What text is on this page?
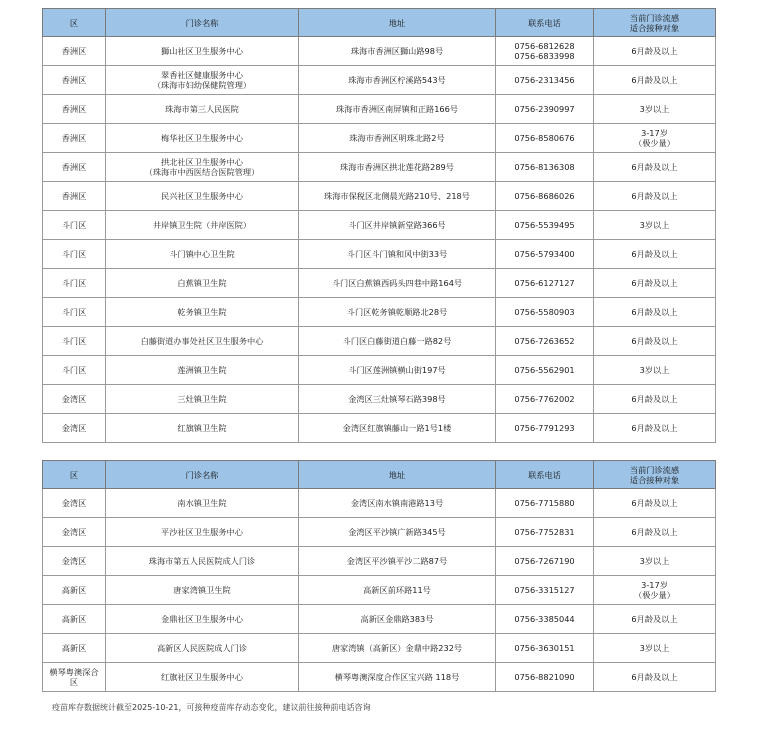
区	门诊名称	地址	联系电话	当前门诊流感
适合接种对象

香洲区	獅山社区卫生服务中心	珠海市香洲区獅山路98号	0756-6812628
0756-6833998	6月龄及以上

香洲区	翠香社区健康服务中心
（珠海市妇幼保健院管理）	珠海市香洲区柠溪路543号	0756-2313456	6月龄及以上

香洲区	珠海市第三人民医院	珠海市香洲区南屏镇和正路166号	0756-2390997	3岁以上

香洲区	梅华社区卫生服务中心	珠海市香洲区明珠北路2号	0756-8580676	3-17岁
（极少量）

香洲区	拱北社区卫生服务中心
（珠海市中西医结合医院管理）	珠海市香洲区拱北莲花路289号	0756-8136308	6月龄及以上

香洲区	民兴社区卫生服务中心	珠海市保税区北侧晨光路210号、218号	0756-8686026	6月龄及以上

斗门区	井岸镇卫生院（井岸医院）	斗门区井岸镇新堂路366号	0756-5539495	3岁以上

斗门区	斗门镇中心卫生院	斗门区斗门镇和风中街33号	0756-5793400	6月龄及以上

斗门区	白蕉镇卫生院	斗门区白蕉镇西码头四巷中路164号	0756-6127127	6月龄及以上

斗门区	乾务镇卫生院	斗门区乾务镇乾顺路北28号	0756-5580903	6月龄及以上

斗门区	白藤街道办事处社区卫生服务中心	斗门区白藤街道白藤一路82号	0756-7263652	6月龄及以上

斗门区	莲洲镇卫生院	斗门区莲洲镇横山街197号	0756-5562901	3岁以上

金湾区	三灶镇卫生院	金湾区三灶镇琴石路398号	0756-7762002	6月龄及以上

金湾区	红旗镇卫生院	金湾区红旗镇藤山一路1号1楼	0756-7791293	6月龄及以上
区	门诊名称	地址	联系电话	当前门诊流感
适合接种对象

金湾区	南水镇卫生院	金湾区南水镇南港路13号	0756-7715880	6月龄及以上

金湾区	平沙社区卫生服务中心	金湾区平沙镇广新路345号	0756-7752831	6月龄及以上

金湾区	珠海市第五人民医院成人门诊	金湾区平沙镇平沙二路87号	0756-7267190	3岁以上

高新区	唐家湾镇卫生院	高新区前环路11号	0756-3315127	3-17岁
（极少量）

高新区	金鼎社区卫生服务中心	高新区金鼎路383号	0756-3385044	6月龄及以上

高新区	高新区人民医院成人门诊	唐家湾镇（高新区）金鼎中路232号	0756-3630151	3岁以上

横琴粤澳深合
区	红旗社区卫生服务中心	横琴粤澳深度合作区宝兴路 118号	0756-8821090	6月龄及以上
疫苗库存数据统计截至2025-10-21，可接种疫苗库存动态变化，建议前往接种前电话咨询
